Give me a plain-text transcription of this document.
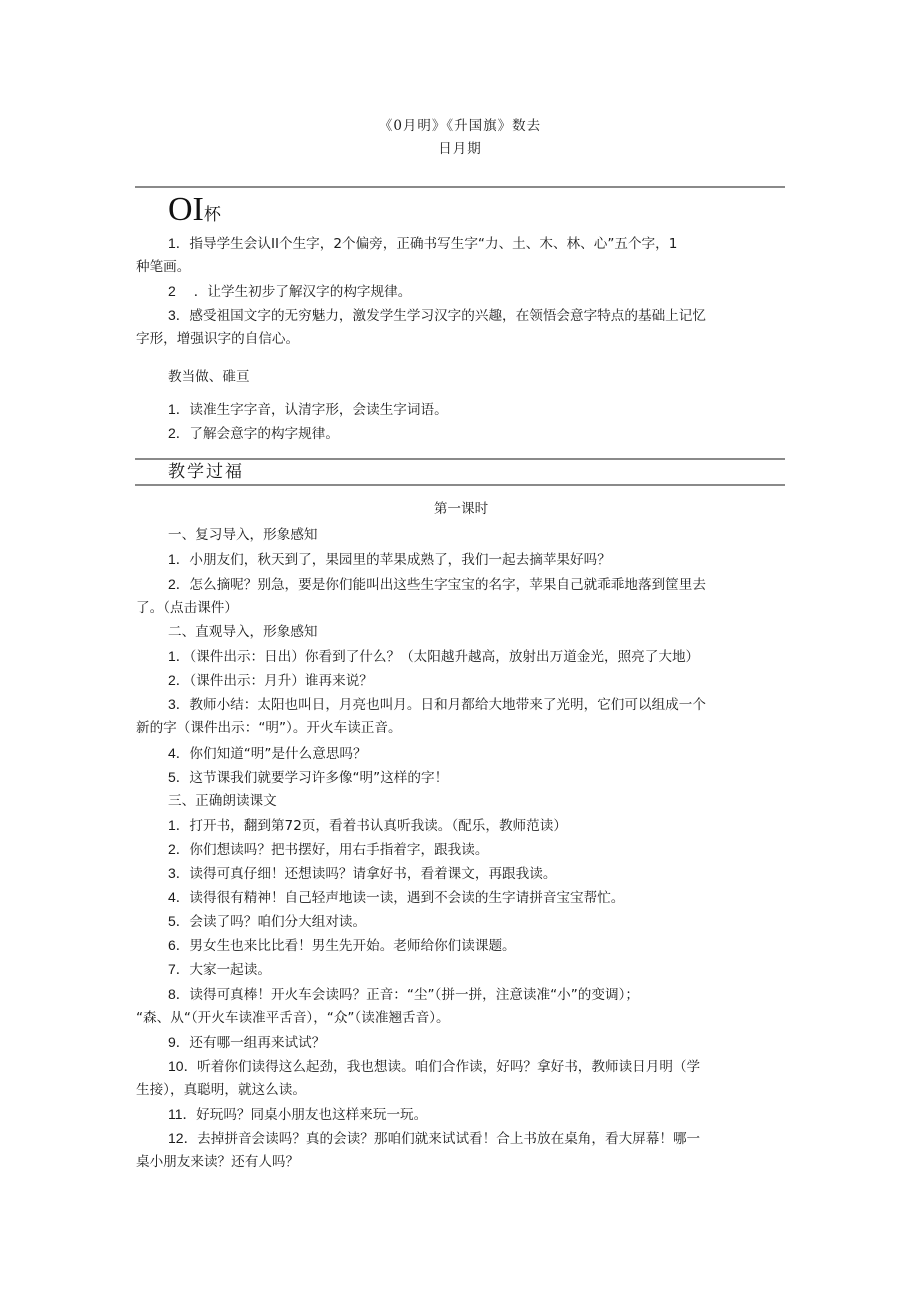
《0月明》《升国旗》数去
日月期
OI杯
1．指导学生会认II个生字，2个偏旁，正确书写生字“力、土、木、林、心”五个字，1
种笔画。
2 ．让学生初步了解汉字的构字规律。
3．感受祖国文字的无穷魅力，激发学生学习汉字的兴趣，在领悟会意字特点的基础上记忆
字形，增强识字的自信心。
教当做、碓亘
1．读准生字字音，认清字形，会读生字词语。
2．了解会意字的构字规律。
教学过福
第一课时
一、复习导入，形象感知
1．小朋友们，秋天到了，果园里的苹果成熟了，我们一起去摘苹果好吗？
2．怎么摘呢？别急，要是你们能叫出这些生字宝宝的名字，苹果自己就乖乖地落到筐里去
了。（点击课件）
二、直观导入，形象感知
1．（课件出示：日出）你看到了什么？（太阳越升越高，放射出万道金光，照亮了大地）
2．（课件出示：月升）谁再来说？
3．教师小结：太阳也叫日，月亮也叫月。日和月都给大地带来了光明，它们可以组成一个
新的字（课件出示：“明”）。开火车读正音。
4．你们知道“明”是什么意思吗？
5．这节课我们就要学习许多像“明”这样的字！
三、正确朗读课文
1．打开书，翻到第72页，看着书认真听我读。（配乐，教师范读）
2．你们想读吗？把书摆好，用右手指着字，跟我读。
3．读得可真仔细！还想读吗？请拿好书，看着课文，再跟我读。
4．读得很有精神！自己轻声地读一读，遇到不会读的生字请拼音宝宝帮忙。
5．会读了吗？咱们分大组对读。
6．男女生也来比比看！男生先开始。老师给你们读课题。
7．大家一起读。
8．读得可真棒！开火车会读吗？正音：“尘”（拼一拼，注意读准“小”的变调）；
“森、从“（开火车读准平舌音），“众”（读准翘舌音）。
9．还有哪一组再来试试？
10．听着你们读得这么起劲，我也想读。咱们合作读，好吗？拿好书，教师读日月明（学
生接），真聪明，就这么读。
11．好玩吗？同桌小朋友也这样来玩一玩。
12．去掉拼音会读吗？真的会读？那咱们就来试试看！合上书放在桌角，看大屏幕！哪一
桌小朋友来读？还有人吗？
